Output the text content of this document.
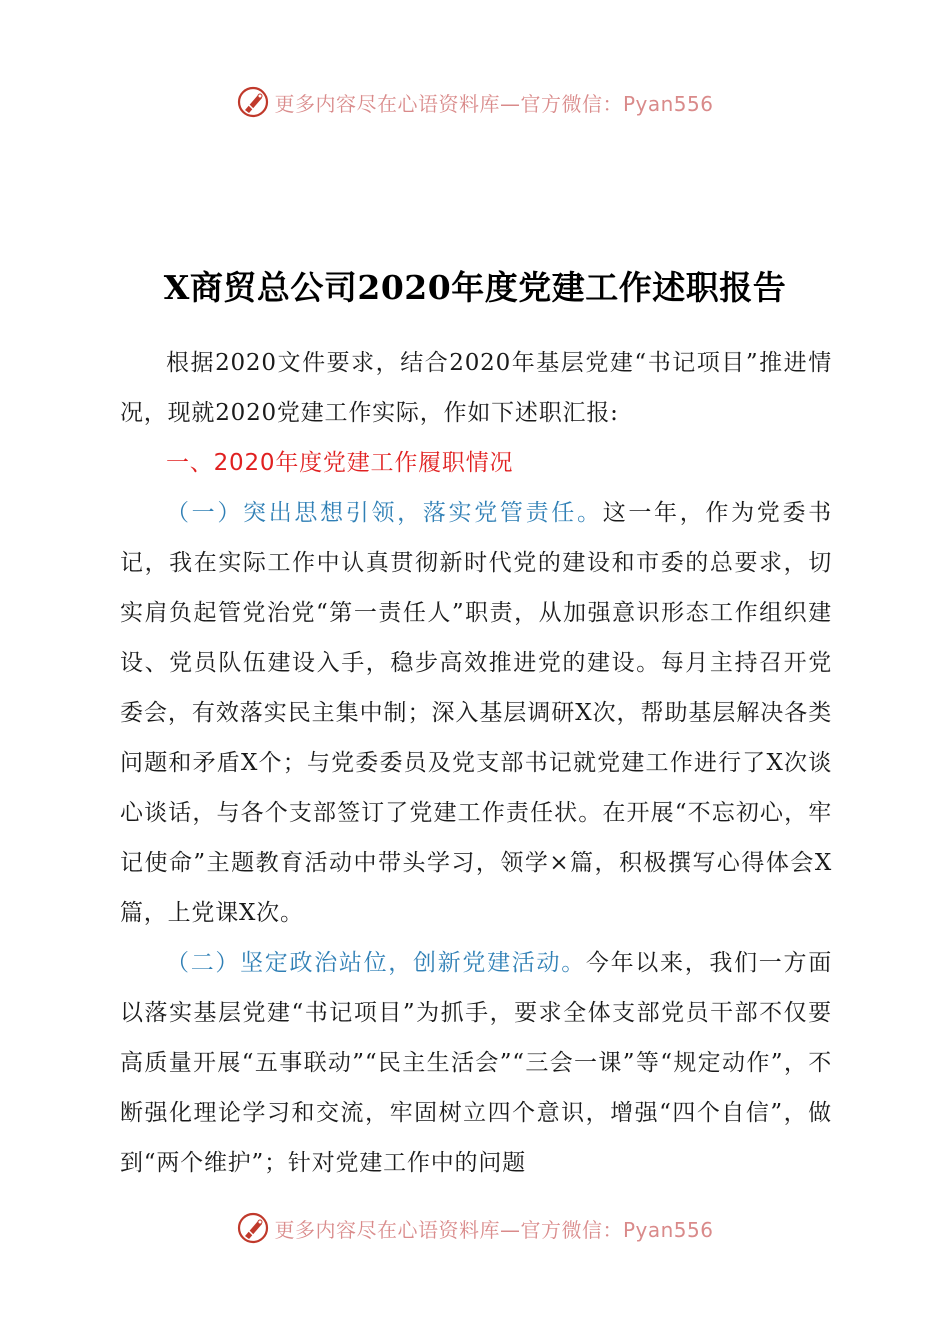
更多内容尽在心语资料库—官方微信：Pyan556
X商贸总公司2020年度党建工作述职报告

根据2020文件要求，结合2020年基层党建“书记项目”推进情况，现就2020党建工作实际，作如下述职汇报:

一、2020年度党建工作履职情况

（一）突出思想引领，落实党管责任。这一年，作为党委书记，我在实际工作中认真贯彻新时代党的建设和市委的总要求，切实肩负起管党治党“第一责任人”职责，从加强意识形态工作组织建设、党员队伍建设入手，稳步高效推进党的建设。每月主持召开党委会，有效落实民主集中制；深入基层调研X次，帮助基层解决各类问题和矛盾X个；与党委委员及党支部书记就党建工作进行了X次谈心谈话，与各个支部签订了党建工作责任状。在开展“不忘初心，牢记使命”主题教育活动中带头学习，领学×篇，积极撰写心得体会X篇，上党课X次。

（二）坚定政治站位，创新党建活动。今年以来，我们一方面以落实基层党建“书记项目”为抓手，要求全体支部党员干部不仅要高质量开展“五事联动”“民主生活会”“三会一课”等“规定动作”，不断强化理论学习和交流，牢固树立四个意识，增强“四个自信”，做到“两个维护”；针对党建工作中的问题

更多内容尽在心语资料库—官方微信：Pyan556
